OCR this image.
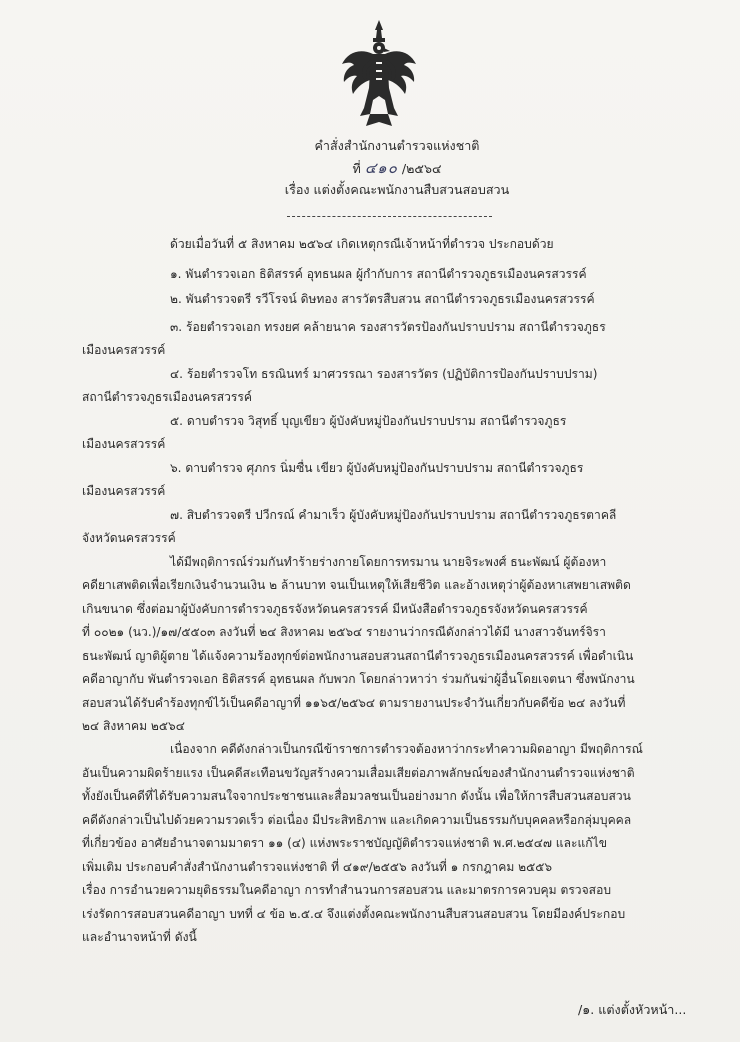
คำสั่งสำนักงานตำรวจแห่งชาติ
ที่ ๔๑๐ /๒๕๖๔
เรื่อง แต่งตั้งคณะพนักงานสืบสวนสอบสวน
ด้วยเมื่อวันที่ ๕ สิงหาคม ๒๕๖๔ เกิดเหตุกรณีเจ้าหน้าที่ตำรวจ ประกอบด้วย
๑. พันตำรวจเอก ธิติสรรค์ อุทธนผล ผู้กำกับการ สถานีตำรวจภูธรเมืองนครสวรรค์
๒. พันตำรวจตรี รวีโรจน์ ดิษทอง สารวัตรสืบสวน สถานีตำรวจภูธรเมืองนครสวรรค์
๓. ร้อยตำรวจเอก ทรงยศ คล้ายนาค รองสารวัตรป้องกันปราบปราม สถานีตำรวจภูธร
เมืองนครสวรรค์
๔. ร้อยตำรวจโท ธรณินทร์ มาศวรรณา รองสารวัตร (ปฏิบัติการป้องกันปราบปราม)
สถานีตำรวจภูธรเมืองนครสวรรค์
๕. ดาบตำรวจ วิสุทธิ์ บุญเขียว ผู้บังคับหมู่ป้องกันปราบปราม สถานีตำรวจภูธร
เมืองนครสวรรค์
๖. ดาบตำรวจ ศุภกร นิ่มซื่น เขียว ผู้บังคับหมู่ป้องกันปราบปราม สถานีตำรวจภูธร
เมืองนครสวรรค์
๗. สิบตำรวจตรี ปวีกรณ์ คำมาเร็ว ผู้บังคับหมู่ป้องกันปราบปราม สถานีตำรวจภูธรตาคลี
จังหวัดนครสวรรค์
ได้มีพฤติการณ์ร่วมกันทำร้ายร่างกายโดยการทรมาน นายจิระพงศ์ ธนะพัฒน์ ผู้ต้องหา
คดียาเสพติดเพื่อเรียกเงินจำนวนเงิน ๒ ล้านบาท จนเป็นเหตุให้เสียชีวิต และอ้างเหตุว่าผู้ต้องหาเสพยาเสพติด
เกินขนาด ซึ่งต่อมาผู้บังคับการตำรวจภูธรจังหวัดนครสวรรค์ มีหนังสือตำรวจภูธรจังหวัดนครสวรรค์
ที่ ๐๐๒๑ (นว.)/๑๗/๕๕๐๓ ลงวันที่ ๒๔ สิงหาคม ๒๕๖๔ รายงานว่ากรณีดังกล่าวได้มี นางสาวจันทร์จิรา
ธนะพัฒน์ ญาติผู้ตาย ได้แจ้งความร้องทุกข์ต่อพนักงานสอบสวนสถานีตำรวจภูธรเมืองนครสวรรค์ เพื่อดำเนิน
คดีอาญากับ พันตำรวจเอก ธิติสรรค์ อุทธนผล กับพวก โดยกล่าวหาว่า ร่วมกันฆ่าผู้อื่นโดยเจตนา ซึ่งพนักงาน
สอบสวนได้รับคำร้องทุกข์ไว้เป็นคดีอาญาที่ ๑๑๖๕/๒๕๖๔ ตามรายงานประจำวันเกี่ยวกับคดีข้อ ๒๔ ลงวันที่
๒๔ สิงหาคม ๒๕๖๔
เนื่องจาก คดีดังกล่าวเป็นกรณีข้าราชการตำรวจต้องหาว่ากระทำความผิดอาญา มีพฤติการณ์
อันเป็นความผิดร้ายแรง เป็นคดีสะเทือนขวัญสร้างความเสื่อมเสียต่อภาพลักษณ์ของสำนักงานตำรวจแห่งชาติ
ทั้งยังเป็นคดีที่ได้รับความสนใจจากประชาชนและสื่อมวลชนเป็นอย่างมาก ดังนั้น เพื่อให้การสืบสวนสอบสวน
คดีดังกล่าวเป็นไปด้วยความรวดเร็ว ต่อเนื่อง มีประสิทธิภาพ และเกิดความเป็นธรรมกับบุคคลหรือกลุ่มบุคคล
ที่เกี่ยวข้อง อาศัยอำนาจตามมาตรา ๑๑ (๔) แห่งพระราชบัญญัติตำรวจแห่งชาติ พ.ศ.๒๕๔๗ และแก้ไข
เพิ่มเติม ประกอบคำสั่งสำนักงานตำรวจแห่งชาติ ที่ ๔๑๙/๒๕๕๖ ลงวันที่ ๑ กรกฎาคม ๒๕๕๖
เรื่อง การอำนวยความยุติธรรมในคดีอาญา การทำสำนวนการสอบสวน และมาตรการควบคุม ตรวจสอบ
เร่งรัดการสอบสวนคดีอาญา บทที่ ๔ ข้อ ๒.๕.๔ จึงแต่งตั้งคณะพนักงานสืบสวนสอบสวน โดยมีองค์ประกอบ
และอำนาจหน้าที่ ดังนี้
/๑. แต่งตั้งหัวหน้า...
